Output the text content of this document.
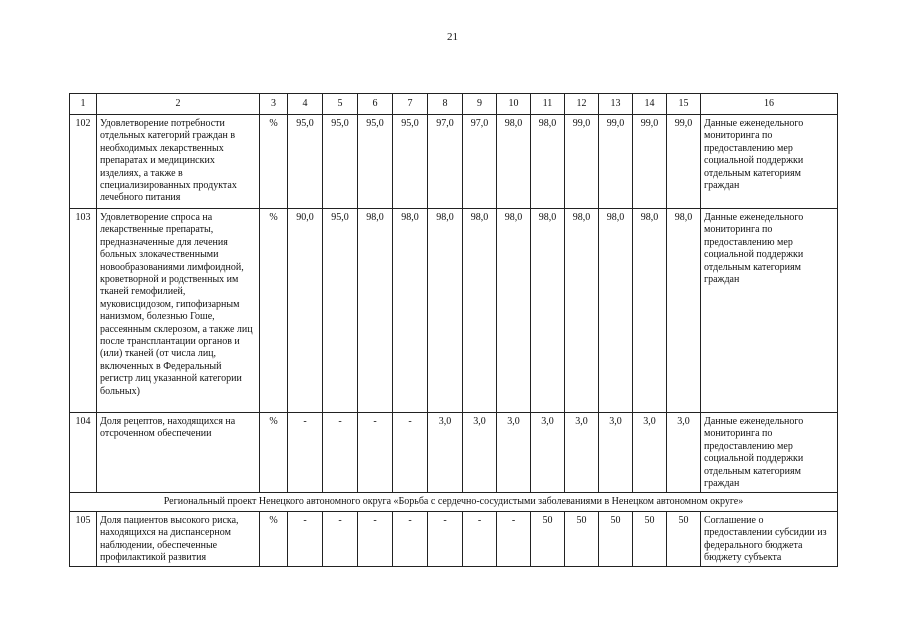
21
1	2	3	4	5	6	7	8	9	10	11	12	13	14	15	16
102	Удовлетворение потребности отдельных категорий граждан в необходимых лекарственных препаратах и медицинских изделиях, а также в специализированных продуктах лечебного питания	%	95,0	95,0	95,0	95,0	97,0	97,0	98,0	98,0	99,0	99,0	99,0	99,0	Данные еженедельного мониторинга по предоставлению мер социальной поддержки отдельным категориям граждан
103	Удовлетворение спроса на лекарственные препараты, предназначенные для лечения больных злокачественными новообразованиями лимфоидной, кроветворной и родственных им тканей гемофилией, муковисцидозом, гипофизарным нанизмом, болезнью Гоше, рассеянным склерозом, а также лиц после трансплантации органов и (или) тканей (от числа лиц, включенных в Федеральный регистр лиц указанной категории больных)	%	90,0	95,0	98,0	98,0	98,0	98,0	98,0	98,0	98,0	98,0	98,0	98,0	Данные еженедельного мониторинга по предоставлению мер социальной поддержки отдельным категориям граждан
104	Доля рецептов, находящихся на отсроченном обеспечении	%	-	-	-	-	3,0	3,0	3,0	3,0	3,0	3,0	3,0	3,0	Данные еженедельного мониторинга по предоставлению мер социальной поддержки отдельным категориям граждан
Региональный проект Ненецкого автономного округа «Борьба с сердечно-сосудистыми заболеваниями в Ненецком автономном округе»															
105	Доля пациентов высокого риска, находящихся на диспансерном наблюдении, обеспеченные профилактикой развития	%	-	-	-	-	-	-	-	50	50	50	50	50	Соглашение о предоставлении субсидии из федерального бюджета бюджету субъекта
